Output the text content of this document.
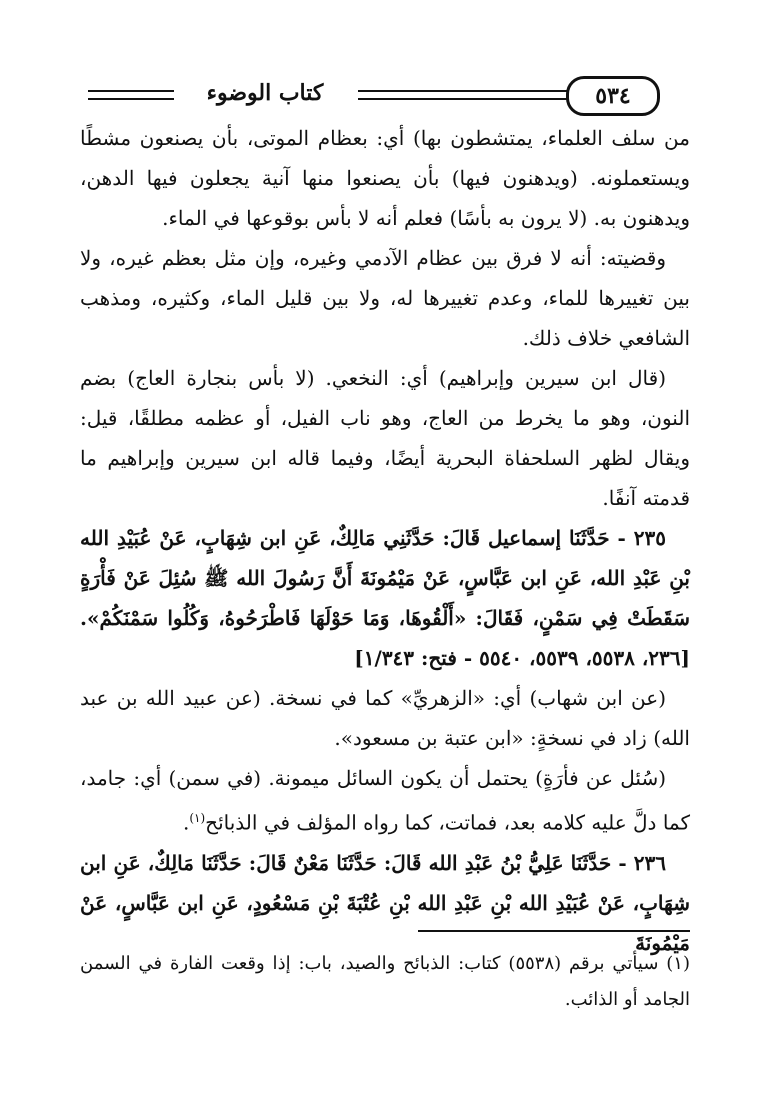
كتاب الوضوء	٥٣٤

من سلف العلماء، يمتشطون بها) أي: بعظام الموتى، بأن يصنعون مشطًا ويستعملونه. (ويدهنون فيها) بأن يصنعوا منها آنية يجعلون فيها الدهن، ويدهنون به. (لا يرون به بأسًا) فعلم أنه لا بأس بوقوعها في الماء.

وقضيته: أنه لا فرق بين عظام الآدمي وغيره، وإن مثل بعظم غيره، ولا بين تغييرها للماء، وعدم تغييرها له، ولا بين قليل الماء، وكثيره، ومذهب الشافعي خلاف ذلك.

(قال ابن سيرين وإبراهيم) أي: النخعي. (لا بأس بنجارة العاج) بضم النون، وهو ما يخرط من العاج، وهو ناب الفيل، أو عظمه مطلقًا، قيل: ويقال لظهر السلحفاة البحرية أيضًا، وفيما قاله ابن سيرين وإبراهيم ما قدمته آنفًا.

٢٣٥ - حَدَّثَنَا إسماعيل قَالَ: حَدَّثَنِي مَالِكٌ، عَنِ ابن شِهَابٍ، عَنْ عُبَيْدِ الله بْنِ عَبْدِ الله، عَنِ ابن عَبَّاسٍ، عَنْ مَيْمُونَةَ أَنَّ رَسُولَ الله ﷺ سُئِلَ عَنْ فَأْرَةٍ سَقَطَتْ فِي سَمْنٍ، فَقَالَ: «أَلْقُوهَا، وَمَا حَوْلَهَا فَاطْرَحُوهُ، وَكُلُوا سَمْنَكُمْ». [٢٣٦، ٥٥٣٨، ٥٥٣٩، ٥٥٤٠ - فتح: ١/٣٤٣]

(عن ابن شهاب) أي: «الزهريِّ» كما في نسخة. (عن عبيد الله بن عبد الله) زاد في نسخةٍ: «ابن عتبة بن مسعود».

(سُئل عن فأرَةٍ) يحتمل أن يكون السائل ميمونة. (في سمن) أي: جامد، كما دلَّ عليه كلامه بعد، فماتت، كما رواه المؤلف في الذبائح$^{(١)}$.

٢٣٦ - حَدَّثَنَا عَلِيُّ بْنُ عَبْدِ الله قَالَ: حَدَّثَنَا مَعْنٌ قَالَ: حَدَّثَنَا مَالِكٌ، عَنِ ابن شِهَابٍ، عَنْ عُبَيْدِ الله بْنِ عَبْدِ الله بْنِ عُتْبَةَ بْنِ مَسْعُودٍ، عَنِ ابن عَبَّاسٍ، عَنْ مَيْمُونَةَ

(١) سيأتي برقم (٥٥٣٨) كتاب: الذبائح والصيد، باب: إذا وقعت الفارة في السمن الجامد أو الذائب.
